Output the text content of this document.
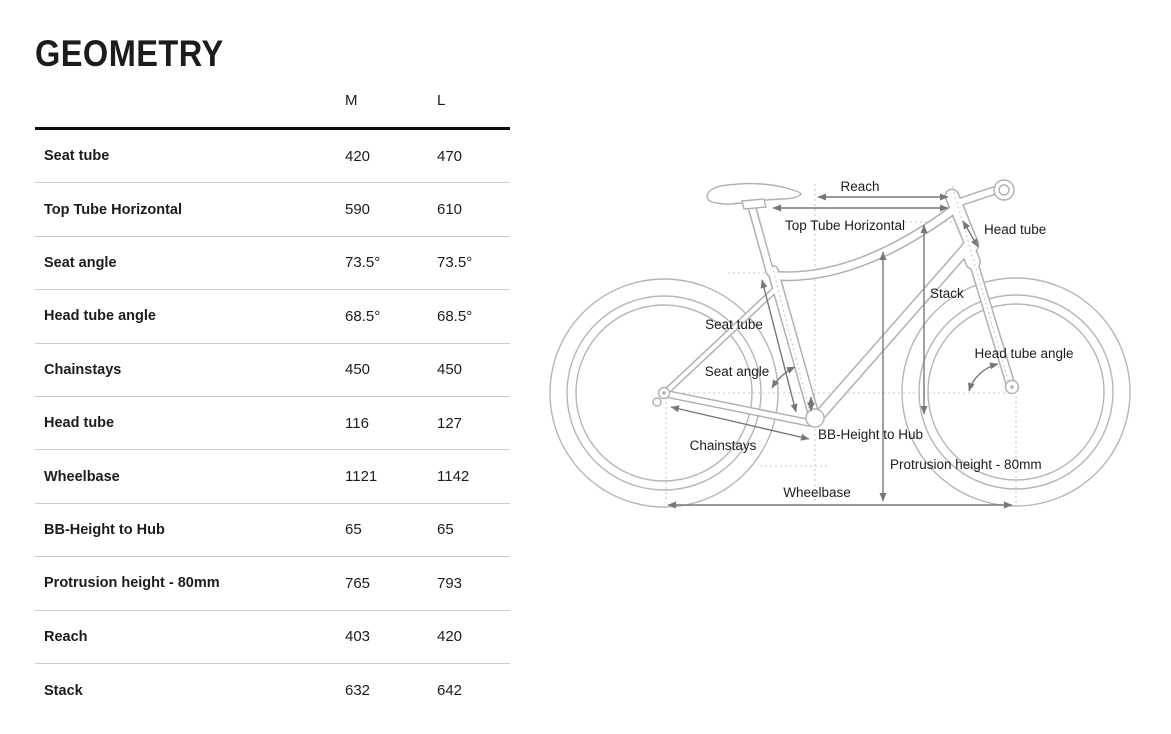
GEOMETRY
M	L
Seat tube	420	470
Top Tube Horizontal	590	610
Seat angle	73.5°	73.5°
Head tube angle	68.5°	68.5°
Chainstays	450	450
Head tube	116	127
Wheelbase	1121	1142
BB-Height to Hub	65	65
Protrusion height - 80mm	765	793
Reach	403	420
Stack	632	642
Reach
Top Tube Horizontal	Head tube
Stack
Seat tube
Seat angle
Head tube angle
Chainstays
BB-Height to Hub
Protrusion height - 80mm
Wheelbase
